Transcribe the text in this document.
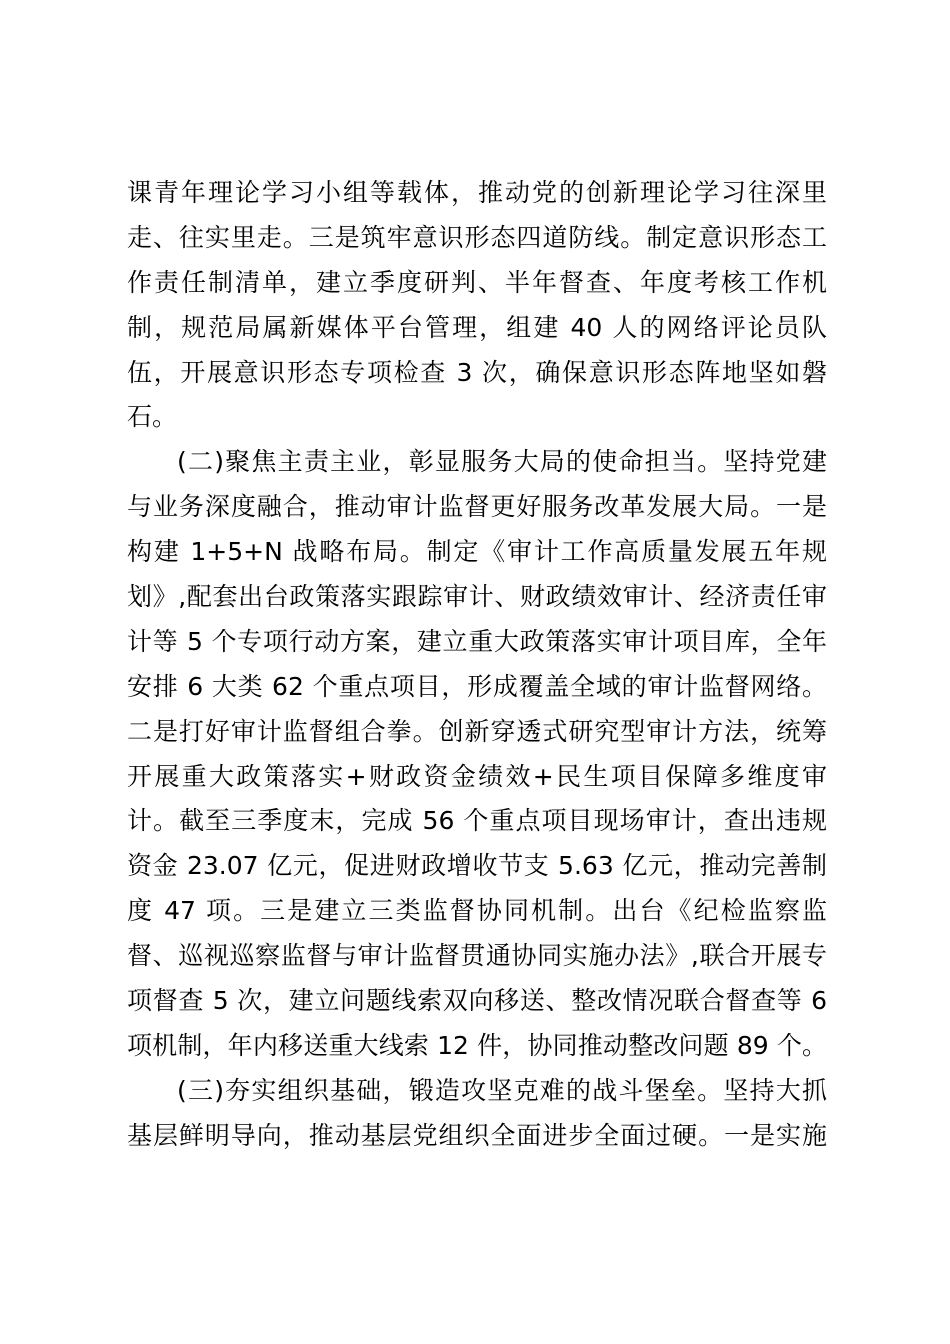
课青年理论学习小组等载体，推动党的创新理论学习往深里
走、往实里走。三是筑牢意识形态四道防线。制定意识形态工
作责任制清单，建立季度研判、半年督查、年度考核工作机
制，规范局属新媒体平台管理，组建 40 人的网络评论员队
伍，开展意识形态专项检查 3 次，确保意识形态阵地坚如磐
石。
(二)聚焦主责主业，彰显服务大局的使命担当。坚持党建
与业务深度融合，推动审计监督更好服务改革发展大局。一是
构建 1+5+N 战略布局。制定《审计工作高质量发展五年规
划》,配套出台政策落实跟踪审计、财政绩效审计、经济责任审
计等 5 个专项行动方案，建立重大政策落实审计项目库，全年
安排 6 大类 62 个重点项目，形成覆盖全域的审计监督网络。
二是打好审计监督组合拳。创新穿透式研究型审计方法，统筹
开展重大政策落实+财政资金绩效+民生项目保障多维度审
计。截至三季度末，完成 56 个重点项目现场审计，查出违规
资金 23.07 亿元，促进财政增收节支 5.63 亿元，推动完善制
度 47 项。三是建立三类监督协同机制。出台《纪检监察监
督、巡视巡察监督与审计监督贯通协同实施办法》,联合开展专
项督查 5 次，建立问题线索双向移送、整改情况联合督查等 6
项机制，年内移送重大线索 12 件，协同推动整改问题 89 个。
(三)夯实组织基础，锻造攻坚克难的战斗堡垒。坚持大抓
基层鲜明导向，推动基层党组织全面进步全面过硬。一是实施
